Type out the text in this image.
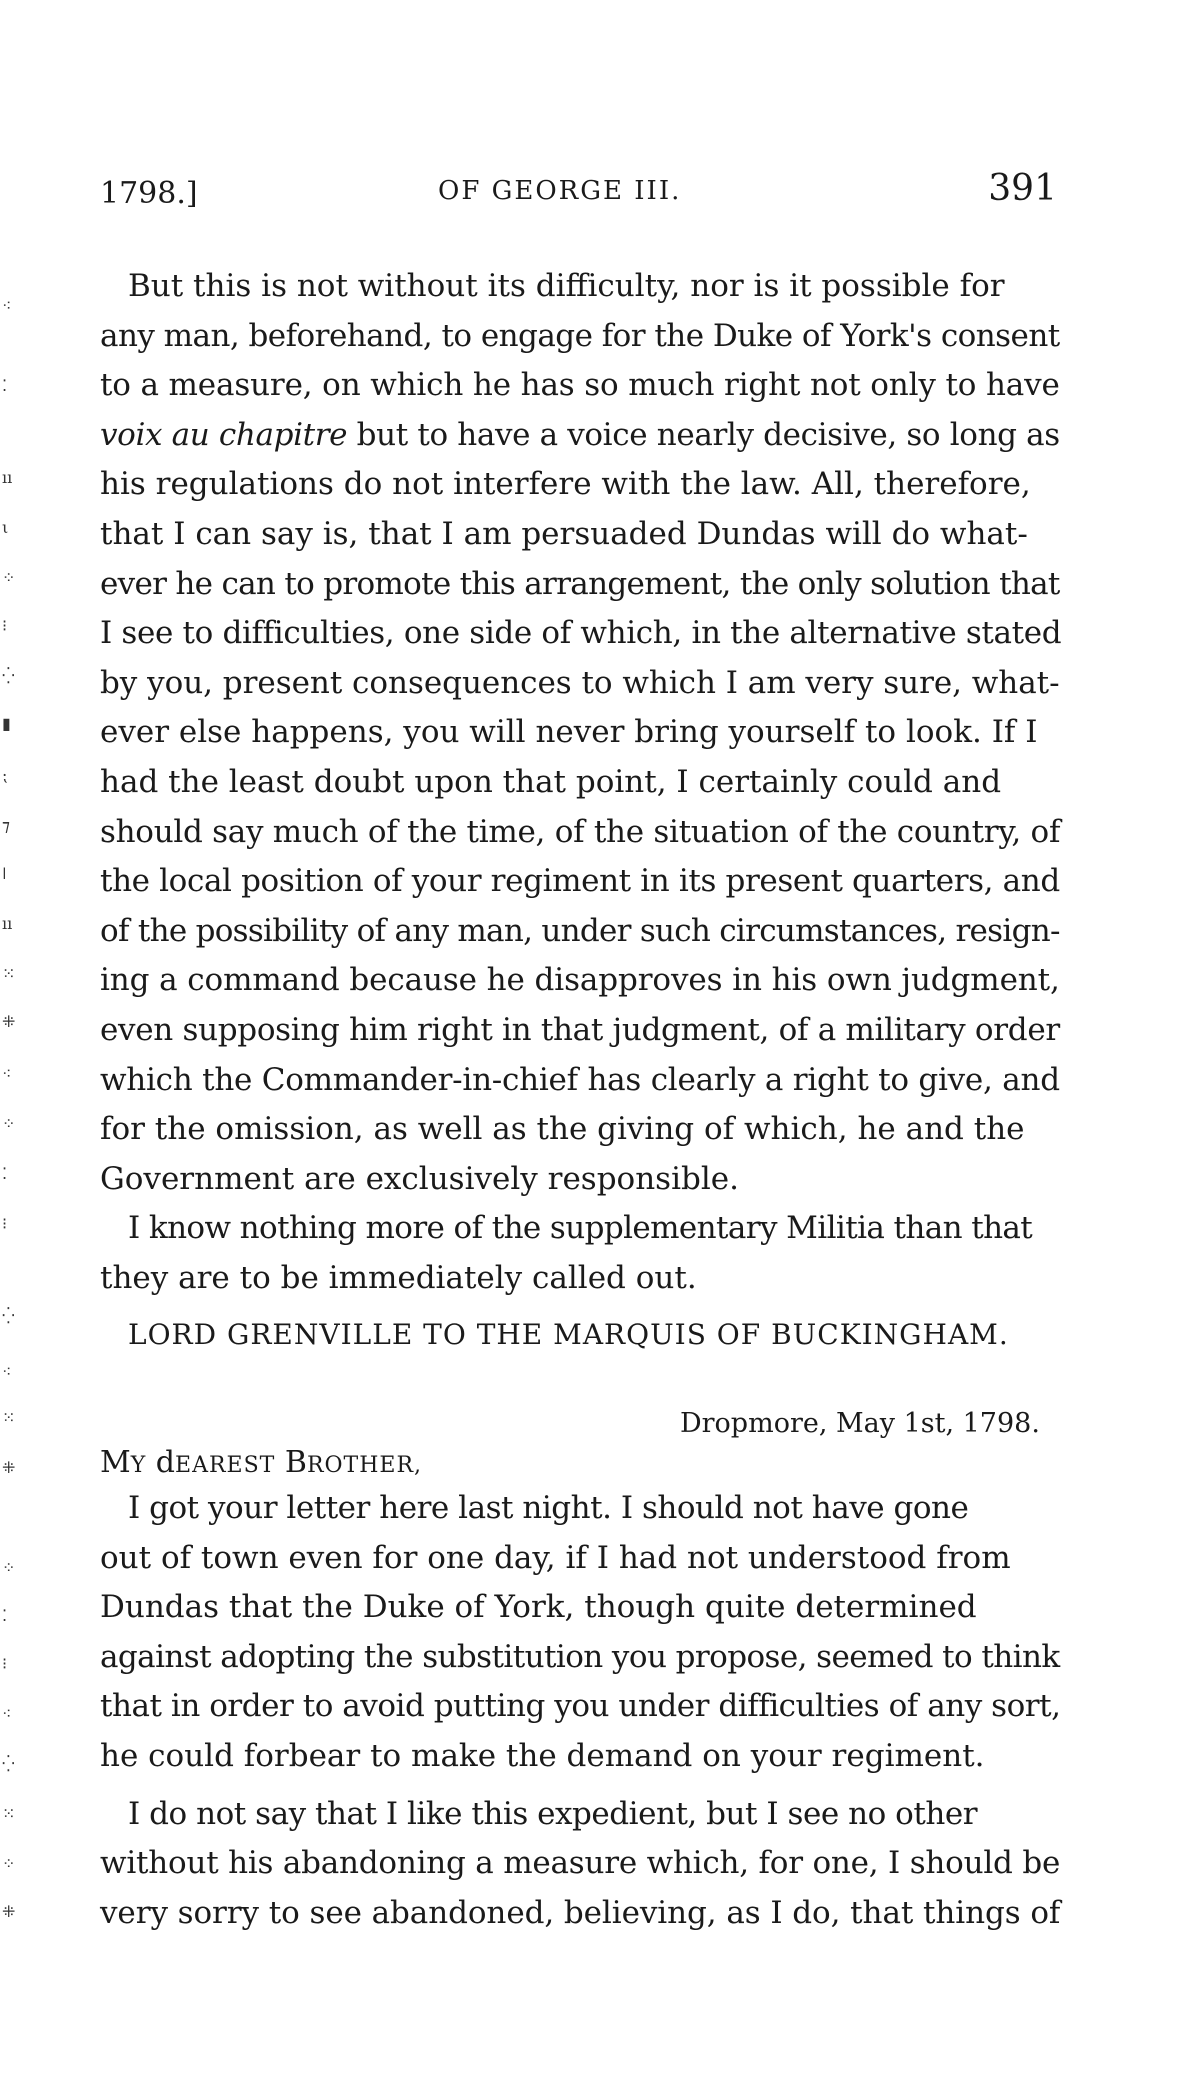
1798.]	OF GEORGE III.	391
But this is not without its difficulty, nor is it possible for
any man, beforehand, to engage for the Duke of York's consent
to a measure, on which he has so much right not only to have
voix au chapitre but to have a voice nearly decisive, so long as
his regulations do not interfere with the law. All, therefore,
that I can say is, that I am persuaded Dundas will do what-
ever he can to promote this arrangement, the only solution that
I see to difficulties, one side of which, in the alternative stated
by you, present consequences to which I am very sure, what-
ever else happens, you will never bring yourself to look. If I
had the least doubt upon that point, I certainly could and
should say much of the time, of the situation of the country, of
the local position of your regiment in its present quarters, and
of the possibility of any man, under such circumstances, resign-
ing a command because he disapproves in his own judgment,
even supposing him right in that judgment, of a military order
which the Commander-in-chief has clearly a right to give, and
for the omission, as well as the giving of which, he and the
Government are exclusively responsible.
I know nothing more of the supplementary Militia than that
they are to be immediately called out.
LORD GRENVILLE TO THE MARQUIS OF BUCKINGHAM.
Dropmore, May 1st, 1798.
MY dEAREST BROTHER,
I got your letter here last night. I should not have gone
out of town even for one day, if I had not understood from
Dundas that the Duke of York, though quite determined
against adopting the substitution you propose, seemed to think
that in order to avoid putting you under difficulties of any sort,
he could forbear to make the demand on your regiment.
I do not say that I like this expedient, but I see no other
without his abandoning a measure which, for one, I should be
very sorry to see abandoned, believing, as I do, that things of
⁖
⁚
ıı
ι
⁘
⁝
⁛
▮
⁏
⁊
ǀ
ıı
⁙
⁜
⁖
⁘
⁚
⁝
⁛
⁖
⁙
⁜
⁘
⁚
⁝
⁖
⁛
⁙
⁘
⁜
